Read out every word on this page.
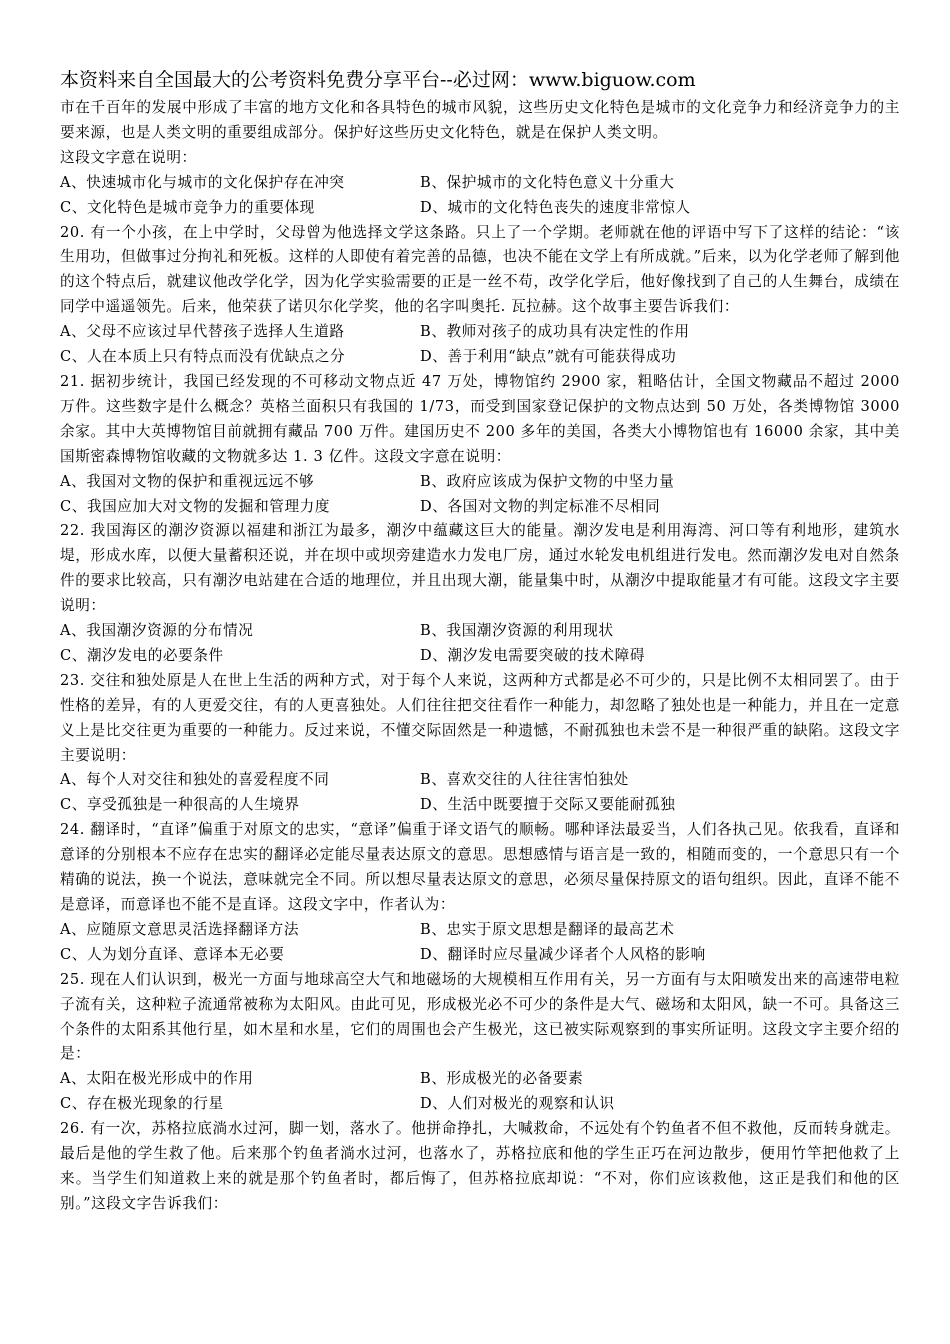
本资料来自全国最大的公考资料免费分享平台--必过网：www.biguow.com
市在千百年的发展中形成了丰富的地方文化和各具特色的城市风貌，这些历史文化特色是城市的文化竞争力和经济竞争力的主要来源，也是人类文明的重要组成部分。保护好这些历史文化特色，就是在保护人类文明。
这段文字意在说明：
A、快速城市化与城市的文化保护存在冲突	B、保护城市的文化特色意义十分重大
C、文化特色是城市竞争力的重要体现	D、城市的文化特色丧失的速度非常惊人
20. 有一个小孩，在上中学时，父母曾为他选择文学这条路。只上了一个学期。老师就在他的评语中写下了这样的结论：“该生用功，但做事过分拘礼和死板。这样的人即使有着完善的品德，也决不能在文学上有所成就。”后来，以为化学老师了解到他的这个特点后，就建议他改学化学，因为化学实验需要的正是一丝不苟，改学化学后，他好像找到了自己的人生舞台，成绩在同学中遥遥领先。后来，他荣获了诺贝尔化学奖，他的名字叫奥托. 瓦拉赫。这个故事主要告诉我们：
A、父母不应该过早代替孩子选择人生道路	B、教师对孩子的成功具有决定性的作用
C、人在本质上只有特点而没有优缺点之分	D、善于利用“缺点”就有可能获得成功
21. 据初步统计，我国已经发现的不可移动文物点近 47 万处，博物馆约 2900 家，粗略估计，全国文物藏品不超过 2000 万件。这些数字是什么概念？英格兰面积只有我国的 1/73，而受到国家登记保护的文物点达到 50 万处，各类博物馆 3000 余家。其中大英博物馆目前就拥有藏品 700 万件。建国历史不 200 多年的美国，各类大小博物馆也有 16000 余家，其中美国斯密森博物馆收藏的文物就多达 1. 3 亿件。这段文字意在说明：
A、我国对文物的保护和重视远远不够	B、政府应该成为保护文物的中坚力量
C、我国应加大对文物的发掘和管理力度	D、各国对文物的判定标准不尽相同
22. 我国海区的潮汐资源以福建和浙江为最多，潮汐中蕴藏这巨大的能量。潮汐发电是利用海湾、河口等有利地形，建筑水堤，形成水库，以便大量蓄积还说，并在坝中或坝旁建造水力发电厂房，通过水轮发电机组进行发电。然而潮汐发电对自然条件的要求比较高，只有潮汐电站建在合适的地理位，并且出现大潮，能量集中时，从潮汐中提取能量才有可能。这段文字主要说明：
A、我国潮汐资源的分布情况	B、我国潮汐资源的利用现状
C、潮汐发电的必要条件	D、潮汐发电需要突破的技术障碍
23. 交往和独处原是人在世上生活的两种方式，对于每个人来说，这两种方式都是必不可少的，只是比例不太相同罢了。由于性格的差异，有的人更爱交往，有的人更喜独处。人们往往把交往看作一种能力，却忽略了独处也是一种能力，并且在一定意义上是比交往更为重要的一种能力。反过来说，不懂交际固然是一种遗憾，不耐孤独也未尝不是一种很严重的缺陷。这段文字主要说明：
A、每个人对交往和独处的喜爱程度不同	B、喜欢交往的人往往害怕独处
C、享受孤独是一种很高的人生境界	D、生活中既要擅于交际又要能耐孤独
24. 翻译时，“直译”偏重于对原文的忠实，“意译”偏重于译文语气的顺畅。哪种译法最妥当，人们各执己见。依我看，直译和意译的分别根本不应存在忠实的翻译必定能尽量表达原文的意思。思想感情与语言是一致的，相随而变的，一个意思只有一个精确的说法，换一个说法，意味就完全不同。所以想尽量表达原文的意思，必须尽量保持原文的语句组织。因此，直译不能不是意译，而意译也不能不是直译。这段文字中，作者认为：
A、应随原文意思灵活选择翻译方法	B、忠实于原文思想是翻译的最高艺术
C、人为划分直译、意译本无必要	D、翻译时应尽量减少译者个人风格的影响
25. 现在人们认识到，极光一方面与地球高空大气和地磁场的大规模相互作用有关，另一方面有与太阳喷发出来的高速带电粒子流有关，这种粒子流通常被称为太阳风。由此可见，形成极光必不可少的条件是大气、磁场和太阳风，缺一不可。具备这三个条件的太阳系其他行星，如木星和水星，它们的周围也会产生极光，这已被实际观察到的事实所证明。这段文字主要介绍的是：
A、太阳在极光形成中的作用	B、形成极光的必备要素
C、存在极光现象的行星	D、人们对极光的观察和认识
26. 有一次，苏格拉底淌水过河，脚一划，落水了。他拼命挣扎，大喊救命，不远处有个钓鱼者不但不救他，反而转身就走。最后是他的学生救了他。后来那个钓鱼者淌水过河，也落水了，苏格拉底和他的学生正巧在河边散步，便用竹竿把他救了上来。当学生们知道救上来的就是那个钓鱼者时，都后悔了，但苏格拉底却说：“不对，你们应该救他，这正是我们和他的区别。”这段文字告诉我们：
